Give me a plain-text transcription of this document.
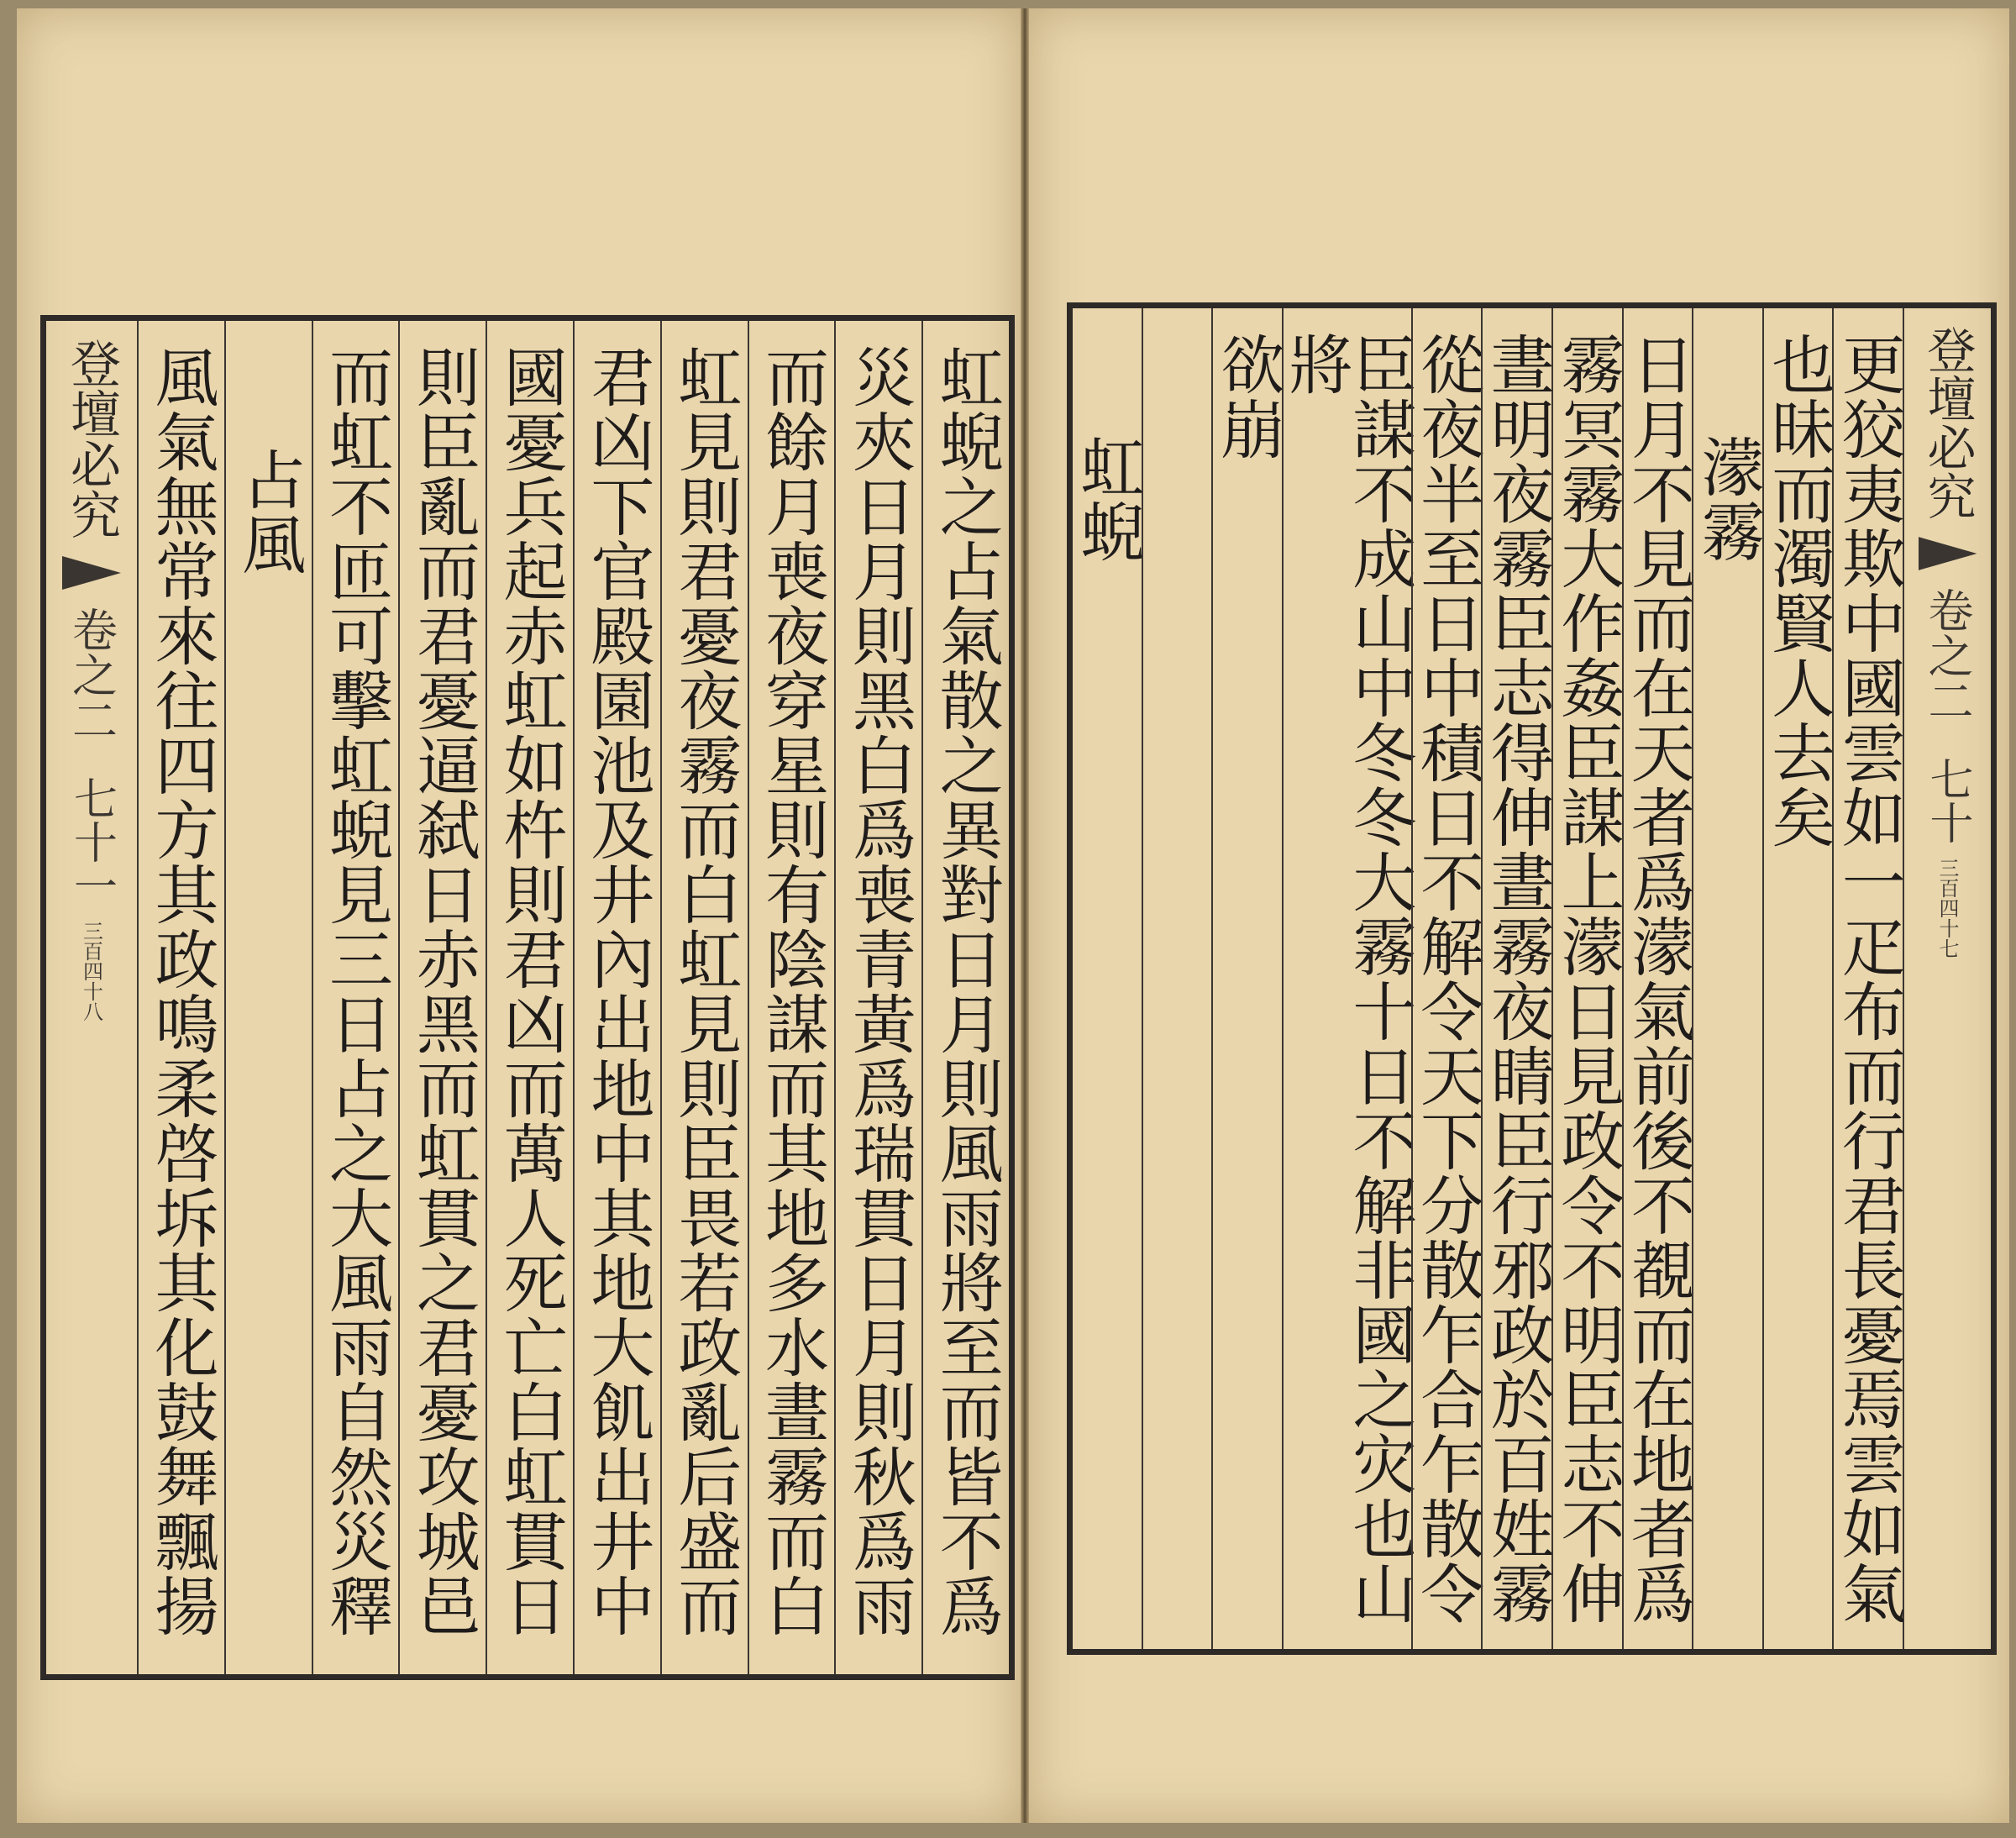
登壇必究
卷之二
七十一
三百四十八	虹蜺之占氣散之異對日月則風雨將至而皆不爲
災夾日月則黑白爲喪青黃爲瑞貫日月則秋爲雨
而餘月喪夜穿星則有陰謀而其地多水晝霧而白
虹見則君憂夜霧而白虹見則臣畏若政亂后盛而
君凶下官殿園池及井內出地中其地大飢出井中
國憂兵起赤虹如杵則君凶而萬人死亡白虹貫日
則臣亂而君憂逼弑日赤黑而虹貫之君憂攻城邑
而虹不匝可擊虹蜺見三日占之大風雨自然災釋
占風
風氣無常來往四方其政鳴柔啓坼其化鼓舞飄揚	登壇必究
卷之二
七十
三百四十七
更狡夷欺中國雲如一疋布而行君長憂焉雲如氣
也昧而濁賢人去矣
濛霧
日月不見而在天者爲濛氣前後不覩而在地者爲
霧冥霧大作姦臣謀上濛日見政令不明臣志不伸
晝明夜霧臣志得伸晝霧夜睛臣行邪政於百姓霧
從夜半至日中積日不解令天下分散乍合乍散令
臣謀不成山中冬冬大霧十日不解非國之灾也山將
欲崩
虹蜺
